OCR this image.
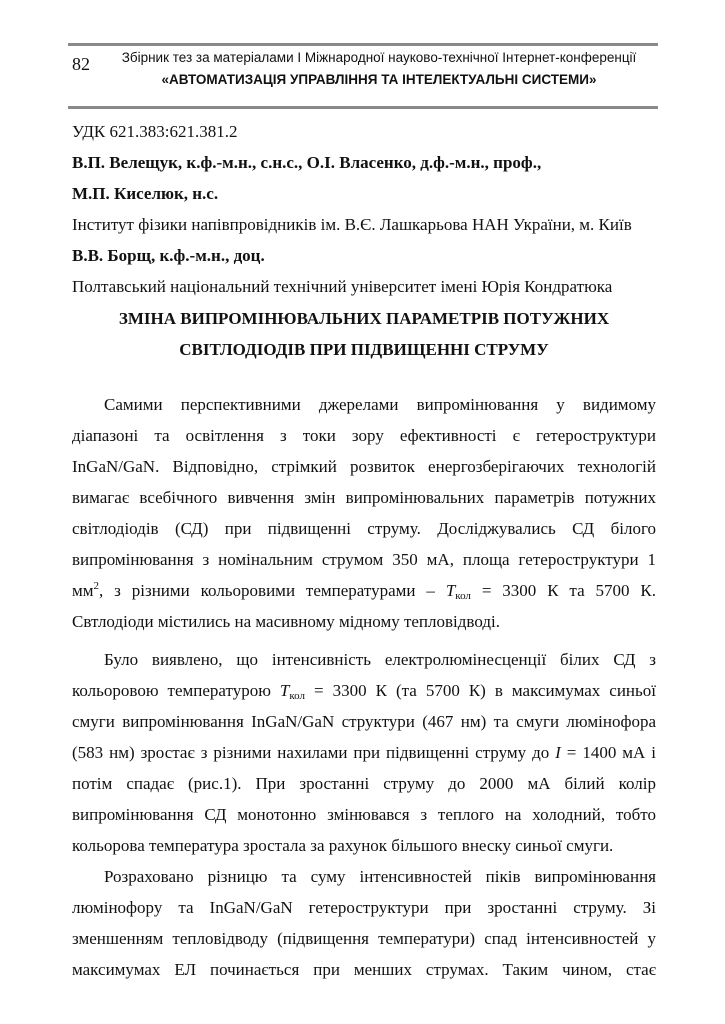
82	Збірник тез за матеріалами І Міжнародної науково-технічної Інтернет-конференції
«АВТОМАТИЗАЦІЯ УПРАВЛІННЯ ТА ІНТЕЛЕКТУАЛЬНІ СИСТЕМИ»
УДК 621.383:621.381.2
В.П. Велещук, к.ф.-м.н., с.н.с., О.І. Власенко, д.ф.-м.н., проф.,
М.П. Киселюк, н.с.
Інститут фізики напівпровідників ім. В.Є. Лашкарьова НАН України, м. Київ
В.В. Борщ, к.ф.-м.н., доц.
Полтавський національний технічний університет імені Юрія Кондратюка
ЗМІНА ВИПРОМІНЮВАЛЬНИХ ПАРАМЕТРІВ ПОТУЖНИХ
СВІТЛОДІОДІВ ПРИ ПІДВИЩЕННІ СТРУМУ
Самими перспективними джерелами випромінювання у видимому
діапазоні та освітлення з токи зору ефективності є гетероструктури
InGaN/GaN. Відповідно, стрімкий розвиток енергозберігаючих технологій
вимагає всебічного вивчення змін випромінювальних параметрів потужних
світлодіодів (СД) при підвищенні струму. Досліджувались СД білого
випромінювання з номінальним струмом 350 мА, площа гетероструктури 1
$мм^2$, з різними кольоровими температурами – $T_{кол} = 3300$ К та 5700 К.
Свтлодіоди містились на масивному мідному тепловідводі.
Було виявлено, що інтенсивність електролюмінесценції білих СД з
кольоровою температурою $T_{кол} = 3300$ К (та 5700 К) в максимумах синьої
смуги випромінювання InGaN/GaN структури (467 нм) та смуги люмінофора
(583 нм) зростає з різними нахилами при підвищенні струму до I = 1400 мА і
потім спадає (рис.1). При зростанні струму до 2000 мА білий колір
випромінювання СД монотонно змінювався з теплого на холодний, тобто
кольорова температура зростала за рахунок більшого внеску синьої смуги.
Розраховано різницю та суму інтенсивностей піків випромінювання
люмінофору та InGaN/GaN гетероструктури при зростанні струму. Зі
зменшенням тепловідводу (підвищення температури) спад інтенсивностей у
максимумах ЕЛ починається при менших струмах. Таким чином, стає
